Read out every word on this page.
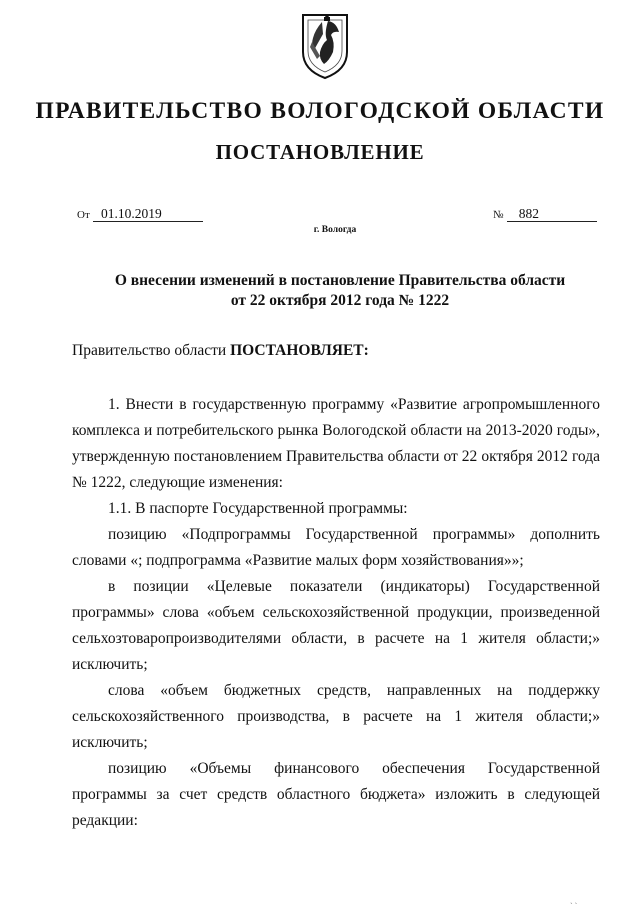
ПРАВИТЕЛЬСТВО ВОЛОГОДСКОЙ ОБЛАСТИ
ПОСТАНОВЛЕНИЕ
От 01.10.2019	№ 882
г. Вологда
О внесении изменений в постановление Правительства области
от 22 октября 2012 года № 1222

Правительство области ПОСТАНОВЛЯЕТ:

1. Внести в государственную программу «Развитие агропромышленного комплекса и потребительского рынка Вологодской области на 2013-2020 годы», утвержденную постановлением Правительства области от 22 октября 2012 года № 1222, следующие изменения:

1.1. В паспорте Государственной программы:

позицию «Подпрограммы Государственной программы» дополнить словами «; подпрограмма «Развитие малых форм хозяйствования»»;

в позиции «Целевые показатели (индикаторы) Государственной программы» слова «объем сельскохозяйственной продукции, произведенной сельхозтоваропроизводителями области, в расчете на 1 жителя области;» исключить;

слова «объем бюджетных средств, направленных на поддержку сельскохозяйственного производства, в расчете на 1 жителя области;» исключить;

позицию «Объемы финансового обеспечения Государственной программы за счет средств областного бюджета» изложить в следующей редакции:

ˎ ˏ
